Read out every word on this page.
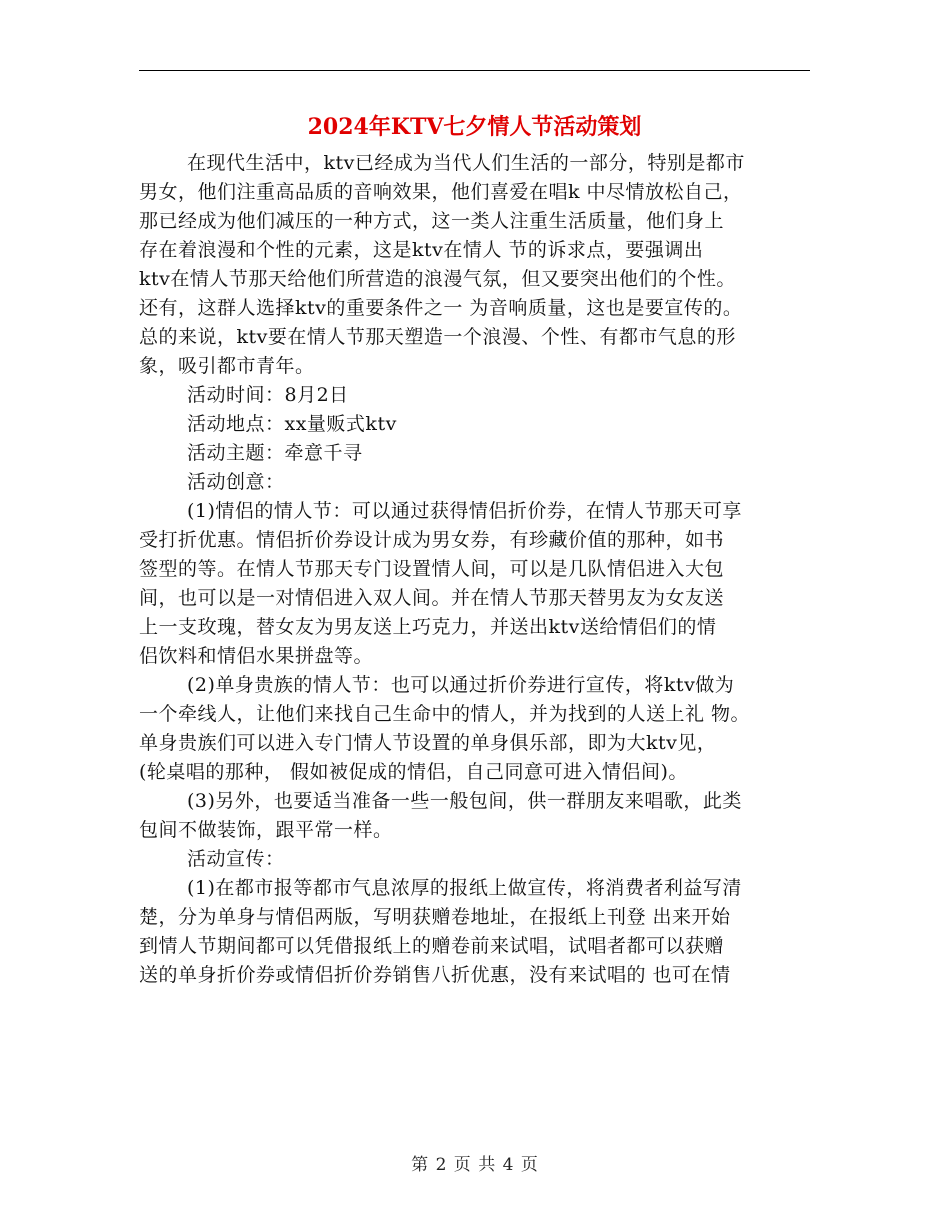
2024年KTV七夕情人节活动策划

在现代生活中，ktv已经成为当代人们生活的一部分，特别是都市
男女，他们注重高品质的音响效果，他们喜爱在唱k 中尽情放松自己，
那已经成为他们减压的一种方式，这一类人注重生活质量，他们身上
存在着浪漫和个性的元素，这是ktv在情人 节的诉求点，要强调出
ktv在情人节那天给他们所营造的浪漫气氛，但又要突出他们的个性。
还有，这群人选择ktv的重要条件之一 为音响质量，这也是要宣传的。
总的来说，ktv要在情人节那天塑造一个浪漫、个性、有都市气息的形
象，吸引都市青年。

活动时间：8月2日

活动地点：xx量贩式ktv

活动主题：牵意千寻

活动创意：

(1)情侣的情人节：可以通过获得情侣折价券，在情人节那天可享
受打折优惠。情侣折价券设计成为男女券，有珍藏价值的那种，如书
签型的等。在情人节那天专门设置情人间，可以是几队情侣进入大包
间，也可以是一对情侣进入双人间。并在情人节那天替男友为女友送
上一支玫瑰，替女友为男友送上巧克力，并送出ktv送给情侣们的情
侣饮料和情侣水果拼盘等。

(2)单身贵族的情人节：也可以通过折价券进行宣传，将ktv做为
一个牵线人，让他们来找自己生命中的情人，并为找到的人送上礼 物。
单身贵族们可以进入专门情人节设置的单身俱乐部，即为大ktv见，
(轮桌唱的那种， 假如被促成的情侣，自己同意可进入情侣间)。

(3)另外，也要适当准备一些一般包间，供一群朋友来唱歌，此类
包间不做装饰，跟平常一样。

活动宣传：

(1)在都市报等都市气息浓厚的报纸上做宣传，将消费者利益写清
楚，分为单身与情侣两版，写明获赠卷地址，在报纸上刊登 出来开始
到情人节期间都可以凭借报纸上的赠卷前来试唱，试唱者都可以获赠
送的单身折价券或情侣折价券销售八折优惠，没有来试唱的 也可在情

第 2 页 共 4 页
